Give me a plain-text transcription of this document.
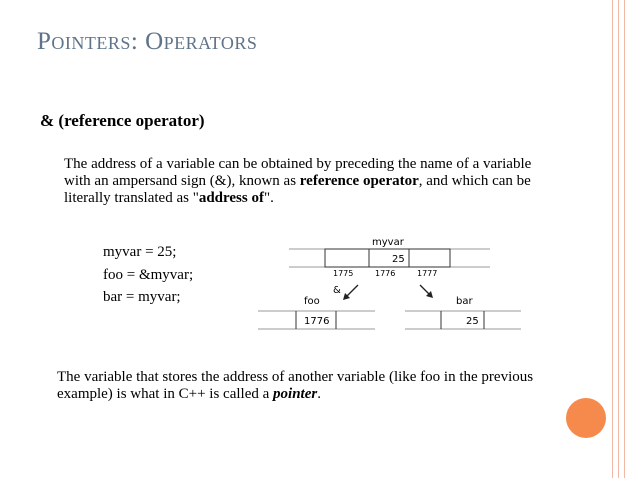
Pointers: Operators
& (reference operator)
The address of a variable can be obtained by preceding the name of a variable with an ampersand sign (&), known as reference operator, and which can be literally translated as "address of".
myvar = 25;
foo = &myvar;
bar = myvar;
myvar
25
1775	1776	1777
&
foo
1776
bar
25
The variable that stores the address of another variable (like foo in the previous example) is what in C++ is called a pointer.
